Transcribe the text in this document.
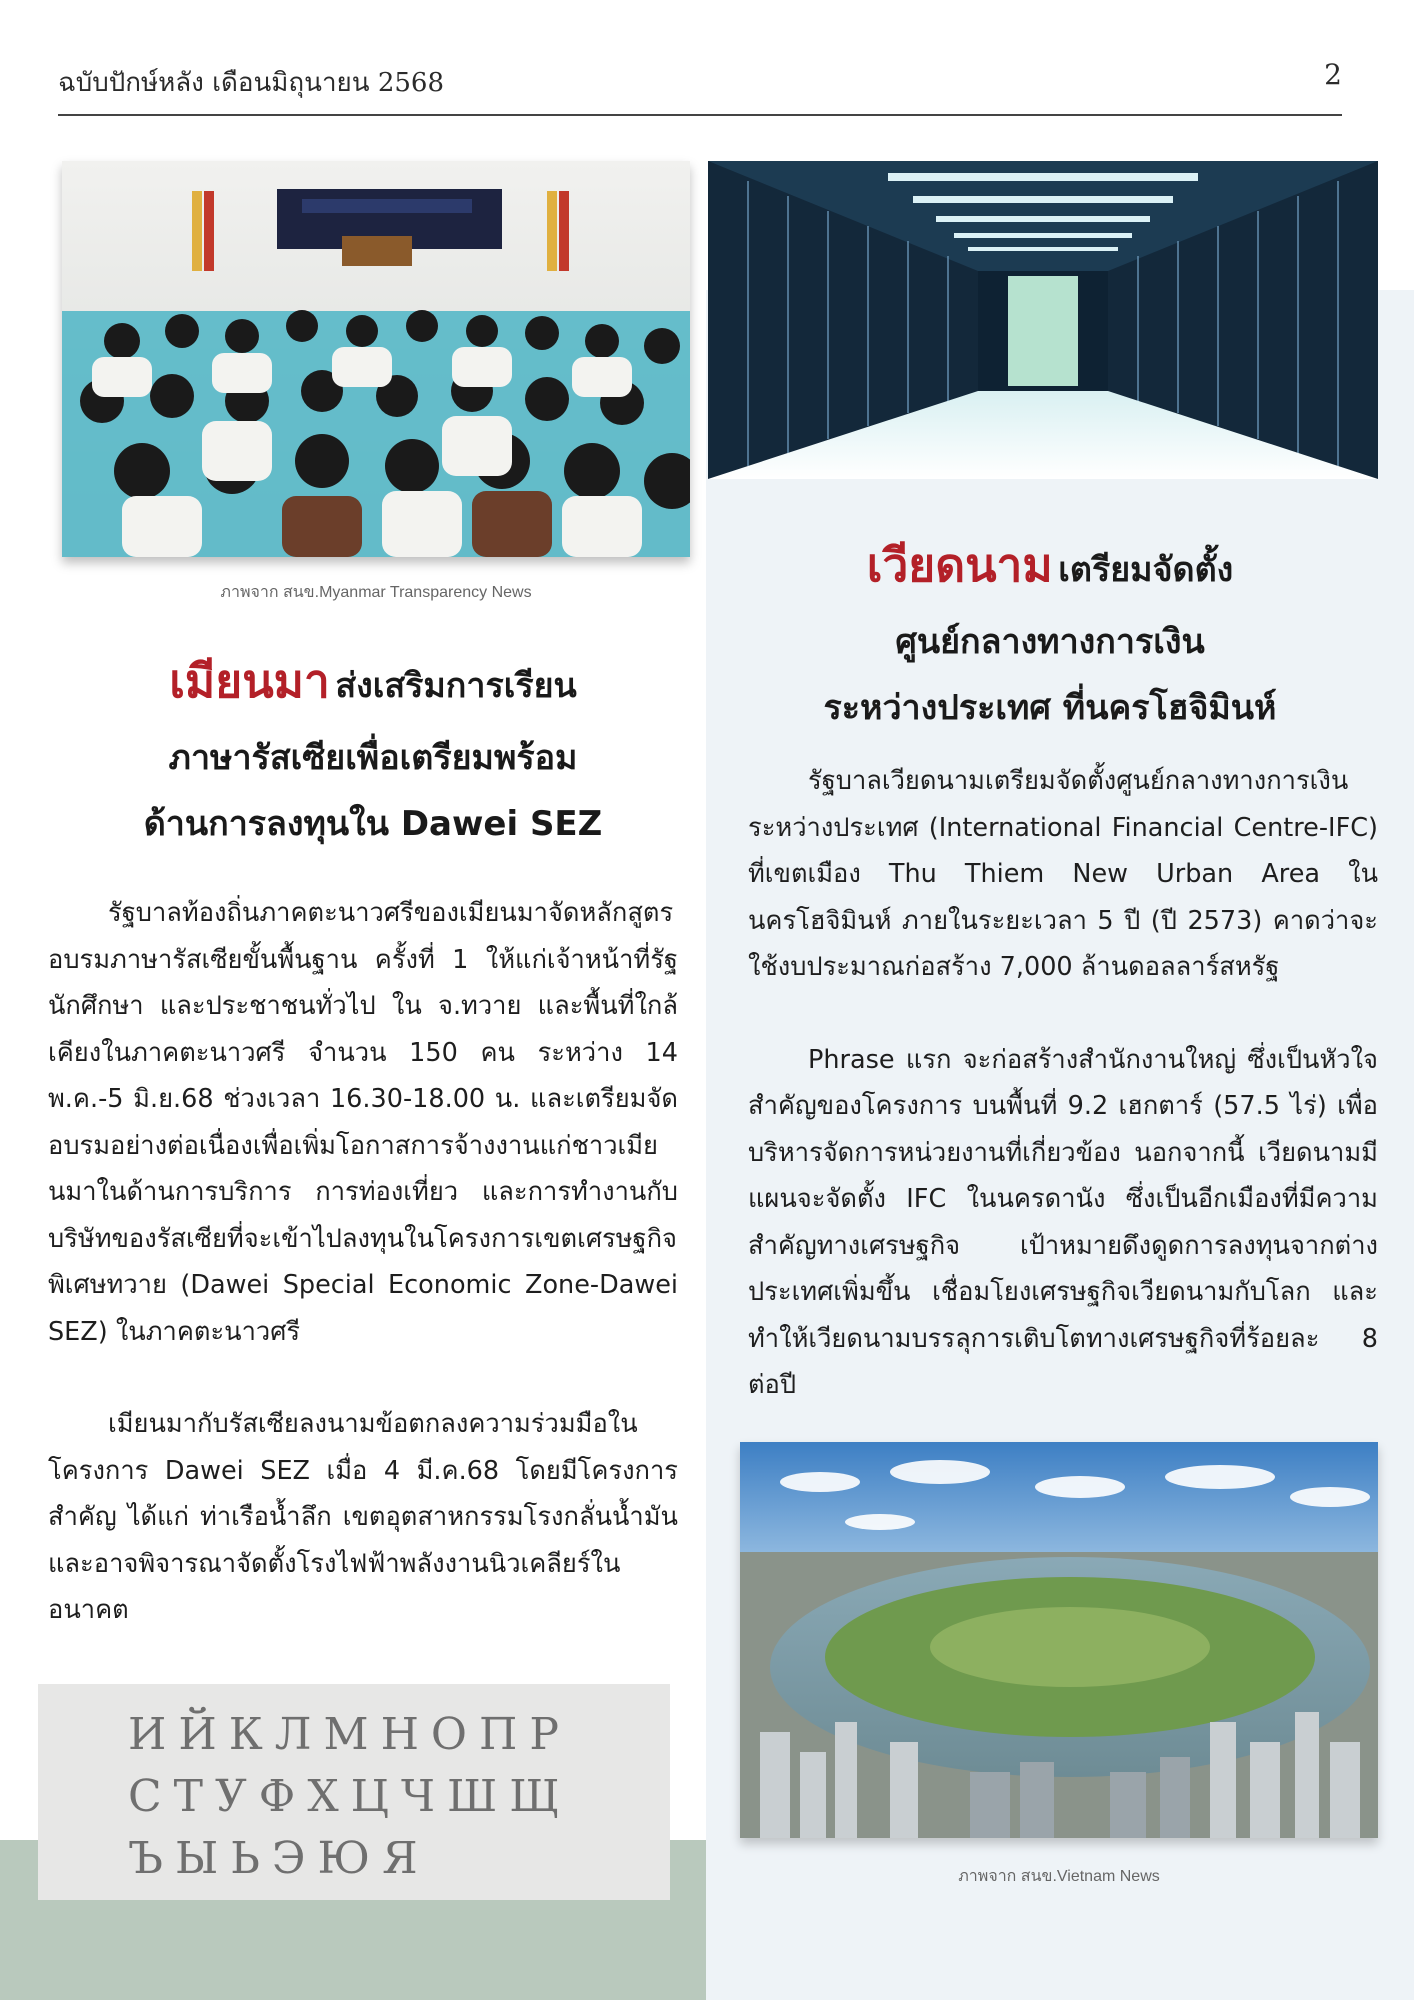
ฉบับปักษ์หลัง เดือนมิถุนายน 2568	2
ภาพจาก สนข.Myanmar Transparency News
เมียนมา ส่งเสริมการเรียน
ภาษารัสเซียเพื่อเตรียมพร้อม
ด้านการลงทุนใน Dawei SEZ

รัฐบาลท้องถิ่นภาคตะนาวศรีของเมียนมาจัดหลักสูตรอบรมภาษารัสเซียขั้นพื้นฐาน ครั้งที่ 1 ให้แก่เจ้าหน้าที่รัฐ นักศึกษา และประชาชนทั่วไป ใน จ.ทวาย และพื้นที่ใกล้เคียงในภาคตะนาวศรี จำนวน 150 คน ระหว่าง 14 พ.ค.-5 มิ.ย.68 ช่วงเวลา 16.30-18.00 น. และเตรียมจัดอบรมอย่างต่อเนื่องเพื่อเพิ่มโอกาสการจ้างงานแก่ชาวเมียนมาในด้านการบริการ การท่องเที่ยว และการทำงานกับบริษัทของรัสเซียที่จะเข้าไปลงทุนในโครงการเขตเศรษฐกิจพิเศษทวาย (Dawei Special Economic Zone-Dawei SEZ) ในภาคตะนาวศรี

เมียนมากับรัสเซียลงนามข้อตกลงความร่วมมือในโครงการ Dawei SEZ เมื่อ 4 มี.ค.68 โดยมีโครงการสำคัญ ได้แก่ ท่าเรือน้ำลึก เขตอุตสาหกรรมโรงกลั่นน้ำมัน และอาจพิจารณาจัดตั้งโรงไฟฟ้าพลังงานนิวเคลียร์ในอนาคต

ИЙКЛМНОПР
СТУФХЦЧШЩ
ЪЫЬЭЮЯ
เวียดนาม เตรียมจัดตั้ง
ศูนย์กลางทางการเงิน
ระหว่างประเทศ ที่นครโฮจิมินห์

รัฐบาลเวียดนามเตรียมจัดตั้งศูนย์กลางทางการเงินระหว่างประเทศ (International Financial Centre-IFC) ที่เขตเมือง Thu Thiem New Urban Area ในนครโฮจิมินห์ ภายในระยะเวลา 5 ปี (ปี 2573) คาดว่าจะใช้งบประมาณก่อสร้าง 7,000 ล้านดอลลาร์สหรัฐ

Phrase แรก จะก่อสร้างสำนักงานใหญ่ ซึ่งเป็นหัวใจสำคัญของโครงการ บนพื้นที่ 9.2 เฮกตาร์ (57.5 ไร่) เพื่อบริหารจัดการหน่วยงานที่เกี่ยวข้อง นอกจากนี้ เวียดนามมีแผนจะจัดตั้ง IFC ในนครดานัง ซึ่งเป็นอีกเมืองที่มีความสำคัญทางเศรษฐกิจ เป้าหมายดึงดูดการลงทุนจากต่างประเทศเพิ่มขึ้น เชื่อมโยงเศรษฐกิจเวียดนามกับโลก และทำให้เวียดนามบรรลุการเติบโตทางเศรษฐกิจที่ร้อยละ 8 ต่อปี

ภาพจาก สนข.Vietnam News
